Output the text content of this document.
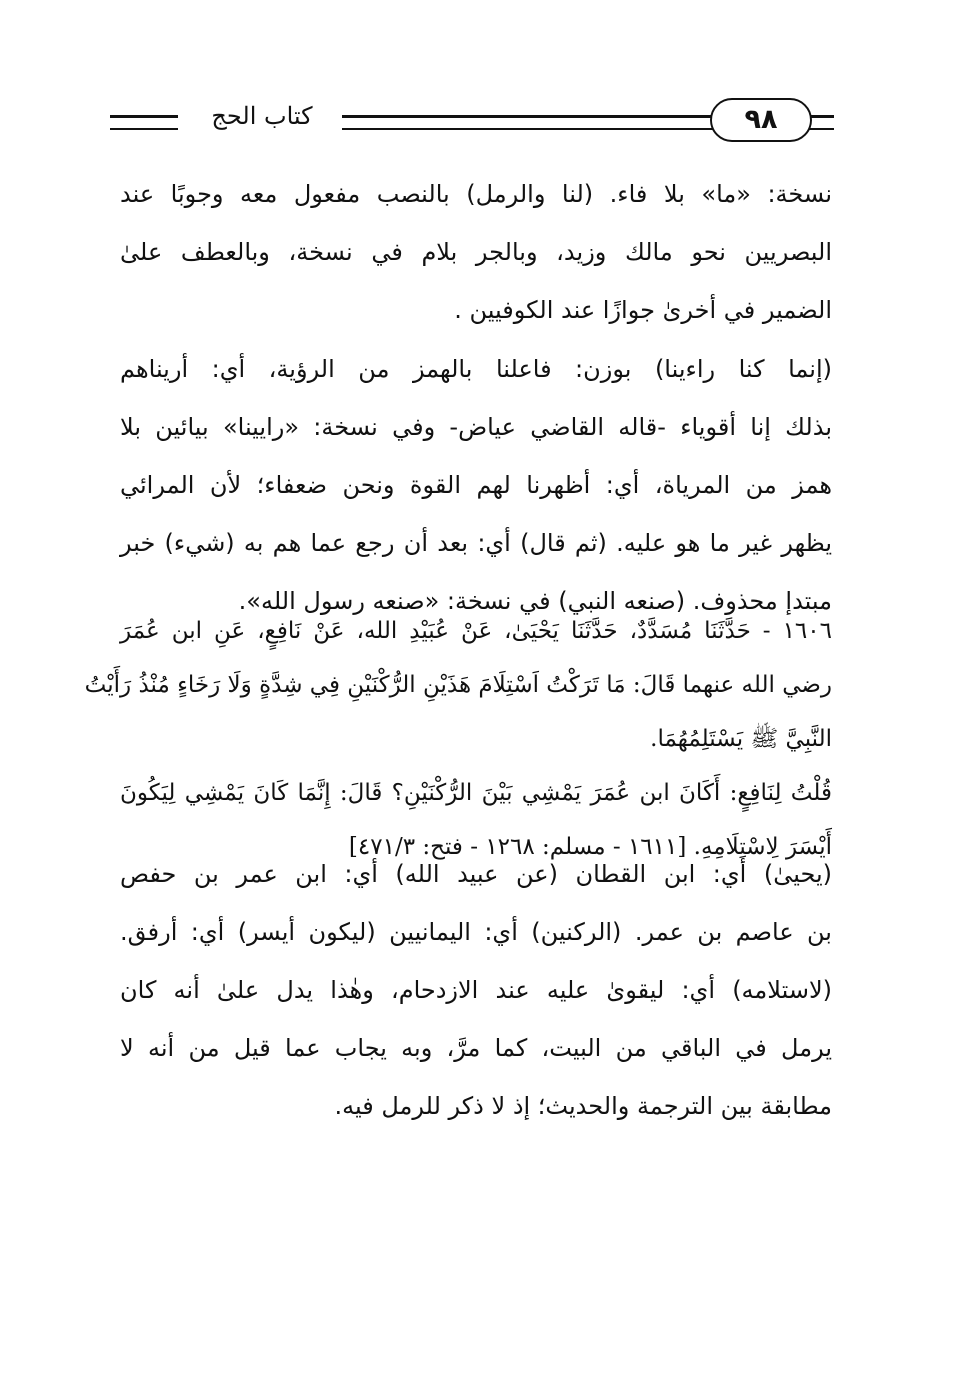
كتاب الحج	٩٨
نسخة: «ما» بلا فاء. (لنا والرمل) بالنصب مفعول معه وجوبًا عند
البصريين نحو مالك وزيد، وبالجر بلام في نسخة، وبالعطف علىٰ
الضمير في أخرىٰ جوازًا عند الكوفيين .
(إنما كنا راءينا) بوزن: فاعلنا بالهمز من الرؤية، أي: أريناهم
بذلك إنا أقوياء -قاله القاضي عياض- وفي نسخة: «رايينا» بيائين بلا
همز من المرياة، أي: أظهرنا لهم القوة ونحن ضعفاء؛ لأن المرائي
يظهر غير ما هو عليه. (ثم قال) أي: بعد أن رجع عما هم به (شيء) خبر
مبتدإ محذوف. (صنعه النبي) في نسخة: «صنعه رسول الله».
١٦٠٦ - حَدَّثَنَا مُسَدَّدٌ، حَدَّثَنَا يَحْيَىٰ، عَنْ عُبَيْدِ الله، عَنْ نَافِعٍ، عَنِ ابن عُمَرَ
رضي الله عنهما قَالَ: مَا تَرَكْتُ اَسْتِلَامَ هَذَيْنِ الرُّكْنَيْنِ فِي شِدَّةٍ وَلَا رَخَاءٍ مُنْذُ رَأَيْتُ
النَّبِيَّ ﷺ يَسْتَلِمُهُمَا.
قُلْتُ لِنَافِعٍ: أَكَانَ ابن عُمَرَ يَمْشِي بَيْنَ الرُّكْنَيْنِ؟ قَالَ: إِنَّمَا كَانَ يَمْشِي لِيَكُونَ
أَيْسَرَ لِاسْتِلَامِهِ. [١٦١١ - مسلم: ١٢٦٨ - فتح: ٤٧١/٣]
(يحيىٰ) أي: ابن القطان (عن عبيد الله) أي: ابن عمر بن حفص
بن عاصم بن عمر. (الركنين) أي: اليمانيين (ليكون أيسر) أي: أرفق.
(لاستلامه) أي: ليقوىٰ عليه عند الازدحام، وهٰذا يدل علىٰ أنه كان
يرمل في الباقي من البيت، كما مرَّ، وبه يجاب عما قيل من أنه لا
مطابقة بين الترجمة والحديث؛ إذ لا ذكر للرمل فيه.
